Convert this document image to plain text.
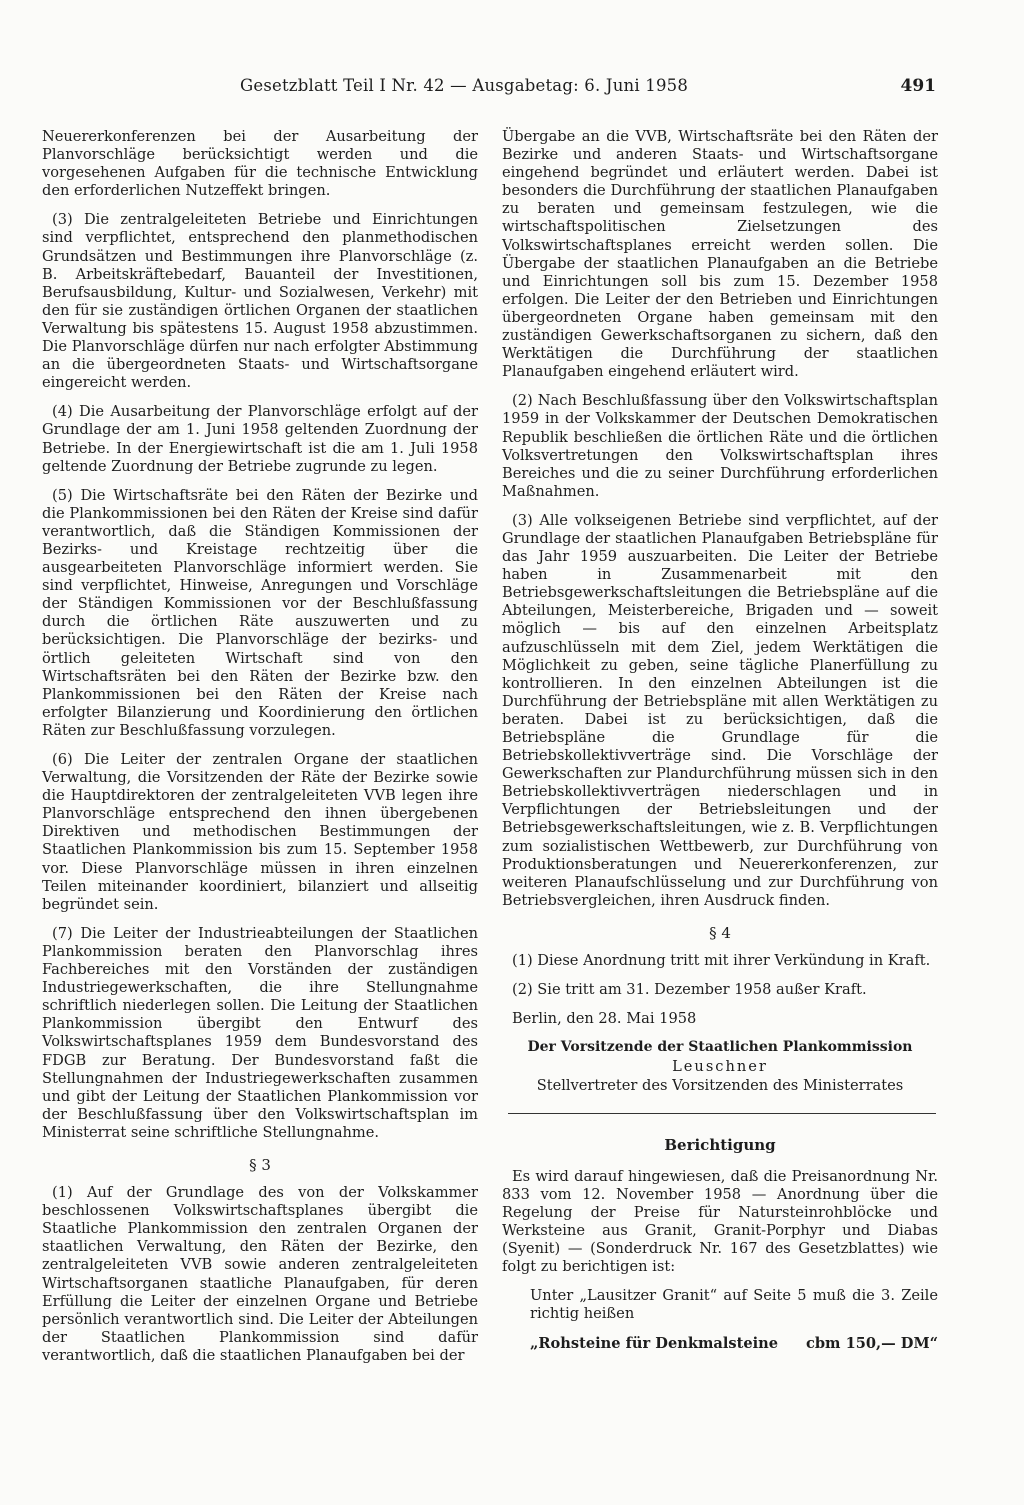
Gesetzblatt Teil I Nr. 42 — Ausgabetag: 6. Juni 1958	491

Neuererkonferenzen bei der Ausarbeitung der Planvorschläge berücksichtigt werden und die vorgesehenen Aufgaben für die technische Entwicklung den erforderlichen Nutzeffekt bringen.

(3) Die zentralgeleiteten Betriebe und Einrichtungen sind verpflichtet, entsprechend den planmethodischen Grundsätzen und Bestimmungen ihre Planvorschläge (z. B. Arbeitskräftebedarf, Bauanteil der Investitionen, Berufsausbildung, Kultur- und Sozialwesen, Verkehr) mit den für sie zuständigen örtlichen Organen der staatlichen Verwaltung bis spätestens 15. August 1958 abzustimmen. Die Planvorschläge dürfen nur nach erfolgter Abstimmung an die übergeordneten Staats- und Wirtschaftsorgane eingereicht werden.

(4) Die Ausarbeitung der Planvorschläge erfolgt auf der Grundlage der am 1. Juni 1958 geltenden Zuordnung der Betriebe. In der Energiewirtschaft ist die am 1. Juli 1958 geltende Zuordnung der Betriebe zugrunde zu legen.

(5) Die Wirtschaftsräte bei den Räten der Bezirke und die Plankommissionen bei den Räten der Kreise sind dafür verantwortlich, daß die Ständigen Kommissionen der Bezirks- und Kreistage rechtzeitig über die ausgearbeiteten Planvorschläge informiert werden. Sie sind verpflichtet, Hinweise, Anregungen und Vorschläge der Ständigen Kommissionen vor der Beschlußfassung durch die örtlichen Räte auszuwerten und zu berücksichtigen. Die Planvorschläge der bezirks- und örtlich geleiteten Wirtschaft sind von den Wirtschaftsräten bei den Räten der Bezirke bzw. den Plankommissionen bei den Räten der Kreise nach erfolgter Bilanzierung und Koordinierung den örtlichen Räten zur Beschlußfassung vorzulegen.

(6) Die Leiter der zentralen Organe der staatlichen Verwaltung, die Vorsitzenden der Räte der Bezirke sowie die Hauptdirektoren der zentralgeleiteten VVB legen ihre Planvorschläge entsprechend den ihnen übergebenen Direktiven und methodischen Bestimmungen der Staatlichen Plankommission bis zum 15. September 1958 vor. Diese Planvorschläge müssen in ihren einzelnen Teilen miteinander koordiniert, bilanziert und allseitig begründet sein.

(7) Die Leiter der Industrieabteilungen der Staatlichen Plankommission beraten den Planvorschlag ihres Fachbereiches mit den Vorständen der zuständigen Industriegewerkschaften, die ihre Stellungnahme schriftlich niederlegen sollen. Die Leitung der Staatlichen Plankommission übergibt den Entwurf des Volkswirtschaftsplanes 1959 dem Bundesvorstand des FDGB zur Beratung. Der Bundesvorstand faßt die Stellungnahmen der Industriegewerkschaften zusammen und gibt der Leitung der Staatlichen Plankommission vor der Beschlußfassung über den Volkswirtschaftsplan im Ministerrat seine schriftliche Stellungnahme.

§ 3

(1) Auf der Grundlage des von der Volkskammer beschlossenen Volkswirtschaftsplanes übergibt die Staatliche Plankommission den zentralen Organen der staatlichen Verwaltung, den Räten der Bezirke, den zentralgeleiteten VVB sowie anderen zentralgeleiteten Wirtschaftsorganen staatliche Planaufgaben, für deren Erfüllung die Leiter der einzelnen Organe und Betriebe persönlich verantwortlich sind. Die Leiter der Abteilungen der Staatlichen Plankommission sind dafür verantwortlich, daß die staatlichen Planaufgaben bei der

Übergabe an die VVB, Wirtschaftsräte bei den Räten der Bezirke und anderen Staats- und Wirtschaftsorgane eingehend begründet und erläutert werden. Dabei ist besonders die Durchführung der staatlichen Planaufgaben zu beraten und gemeinsam festzulegen, wie die wirtschaftspolitischen Zielsetzungen des Volkswirtschaftsplanes erreicht werden sollen. Die Übergabe der staatlichen Planaufgaben an die Betriebe und Einrichtungen soll bis zum 15. Dezember 1958 erfolgen. Die Leiter der den Betrieben und Einrichtungen übergeordneten Organe haben gemeinsam mit den zuständigen Gewerkschaftsorganen zu sichern, daß den Werktätigen die Durchführung der staatlichen Planaufgaben eingehend erläutert wird.

(2) Nach Beschlußfassung über den Volkswirtschaftsplan 1959 in der Volkskammer der Deutschen Demokratischen Republik beschließen die örtlichen Räte und die örtlichen Volksvertretungen den Volkswirtschaftsplan ihres Bereiches und die zu seiner Durchführung erforderlichen Maßnahmen.

(3) Alle volkseigenen Betriebe sind verpflichtet, auf der Grundlage der staatlichen Planaufgaben Betriebspläne für das Jahr 1959 auszuarbeiten. Die Leiter der Betriebe haben in Zusammenarbeit mit den Betriebsgewerkschaftsleitungen die Betriebspläne auf die Abteilungen, Meisterbereiche, Brigaden und — soweit möglich — bis auf den einzelnen Arbeitsplatz aufzuschlüsseln mit dem Ziel, jedem Werktätigen die Möglichkeit zu geben, seine tägliche Planerfüllung zu kontrollieren. In den einzelnen Abteilungen ist die Durchführung der Betriebspläne mit allen Werktätigen zu beraten. Dabei ist zu berücksichtigen, daß die Betriebspläne die Grundlage für die Betriebskollektivverträge sind. Die Vorschläge der Gewerkschaften zur Plandurchführung müssen sich in den Betriebskollektivverträgen niederschlagen und in Verpflichtungen der Betriebsleitungen und der Betriebsgewerkschaftsleitungen, wie z. B. Verpflichtungen zum sozialistischen Wettbewerb, zur Durchführung von Produktionsberatungen und Neuererkonferenzen, zur weiteren Planaufschlüsselung und zur Durchführung von Betriebsvergleichen, ihren Ausdruck finden.

§ 4

(1) Diese Anordnung tritt mit ihrer Verkündung in Kraft.

(2) Sie tritt am 31. Dezember 1958 außer Kraft.

Berlin, den 28. Mai 1958
Der Vorsitzende der Staatlichen Plankommission
Leuschner
Stellvertreter des Vorsitzenden des Ministerrates
Berichtigung

Es wird darauf hingewiesen, daß die Preisanordnung Nr. 833 vom 12. November 1958 — Anordnung über die Regelung der Preise für Natursteinrohblöcke und Werksteine aus Granit, Granit-Porphyr und Diabas (Syenit) — (Sonderdruck Nr. 167 des Gesetzblattes) wie folgt zu berichtigen ist:

Unter „Lausitzer Granit“ auf Seite 5 muß die 3. Zeile richtig heißen

„Rohsteine für Denkmalsteine cbm 150,— DM“
